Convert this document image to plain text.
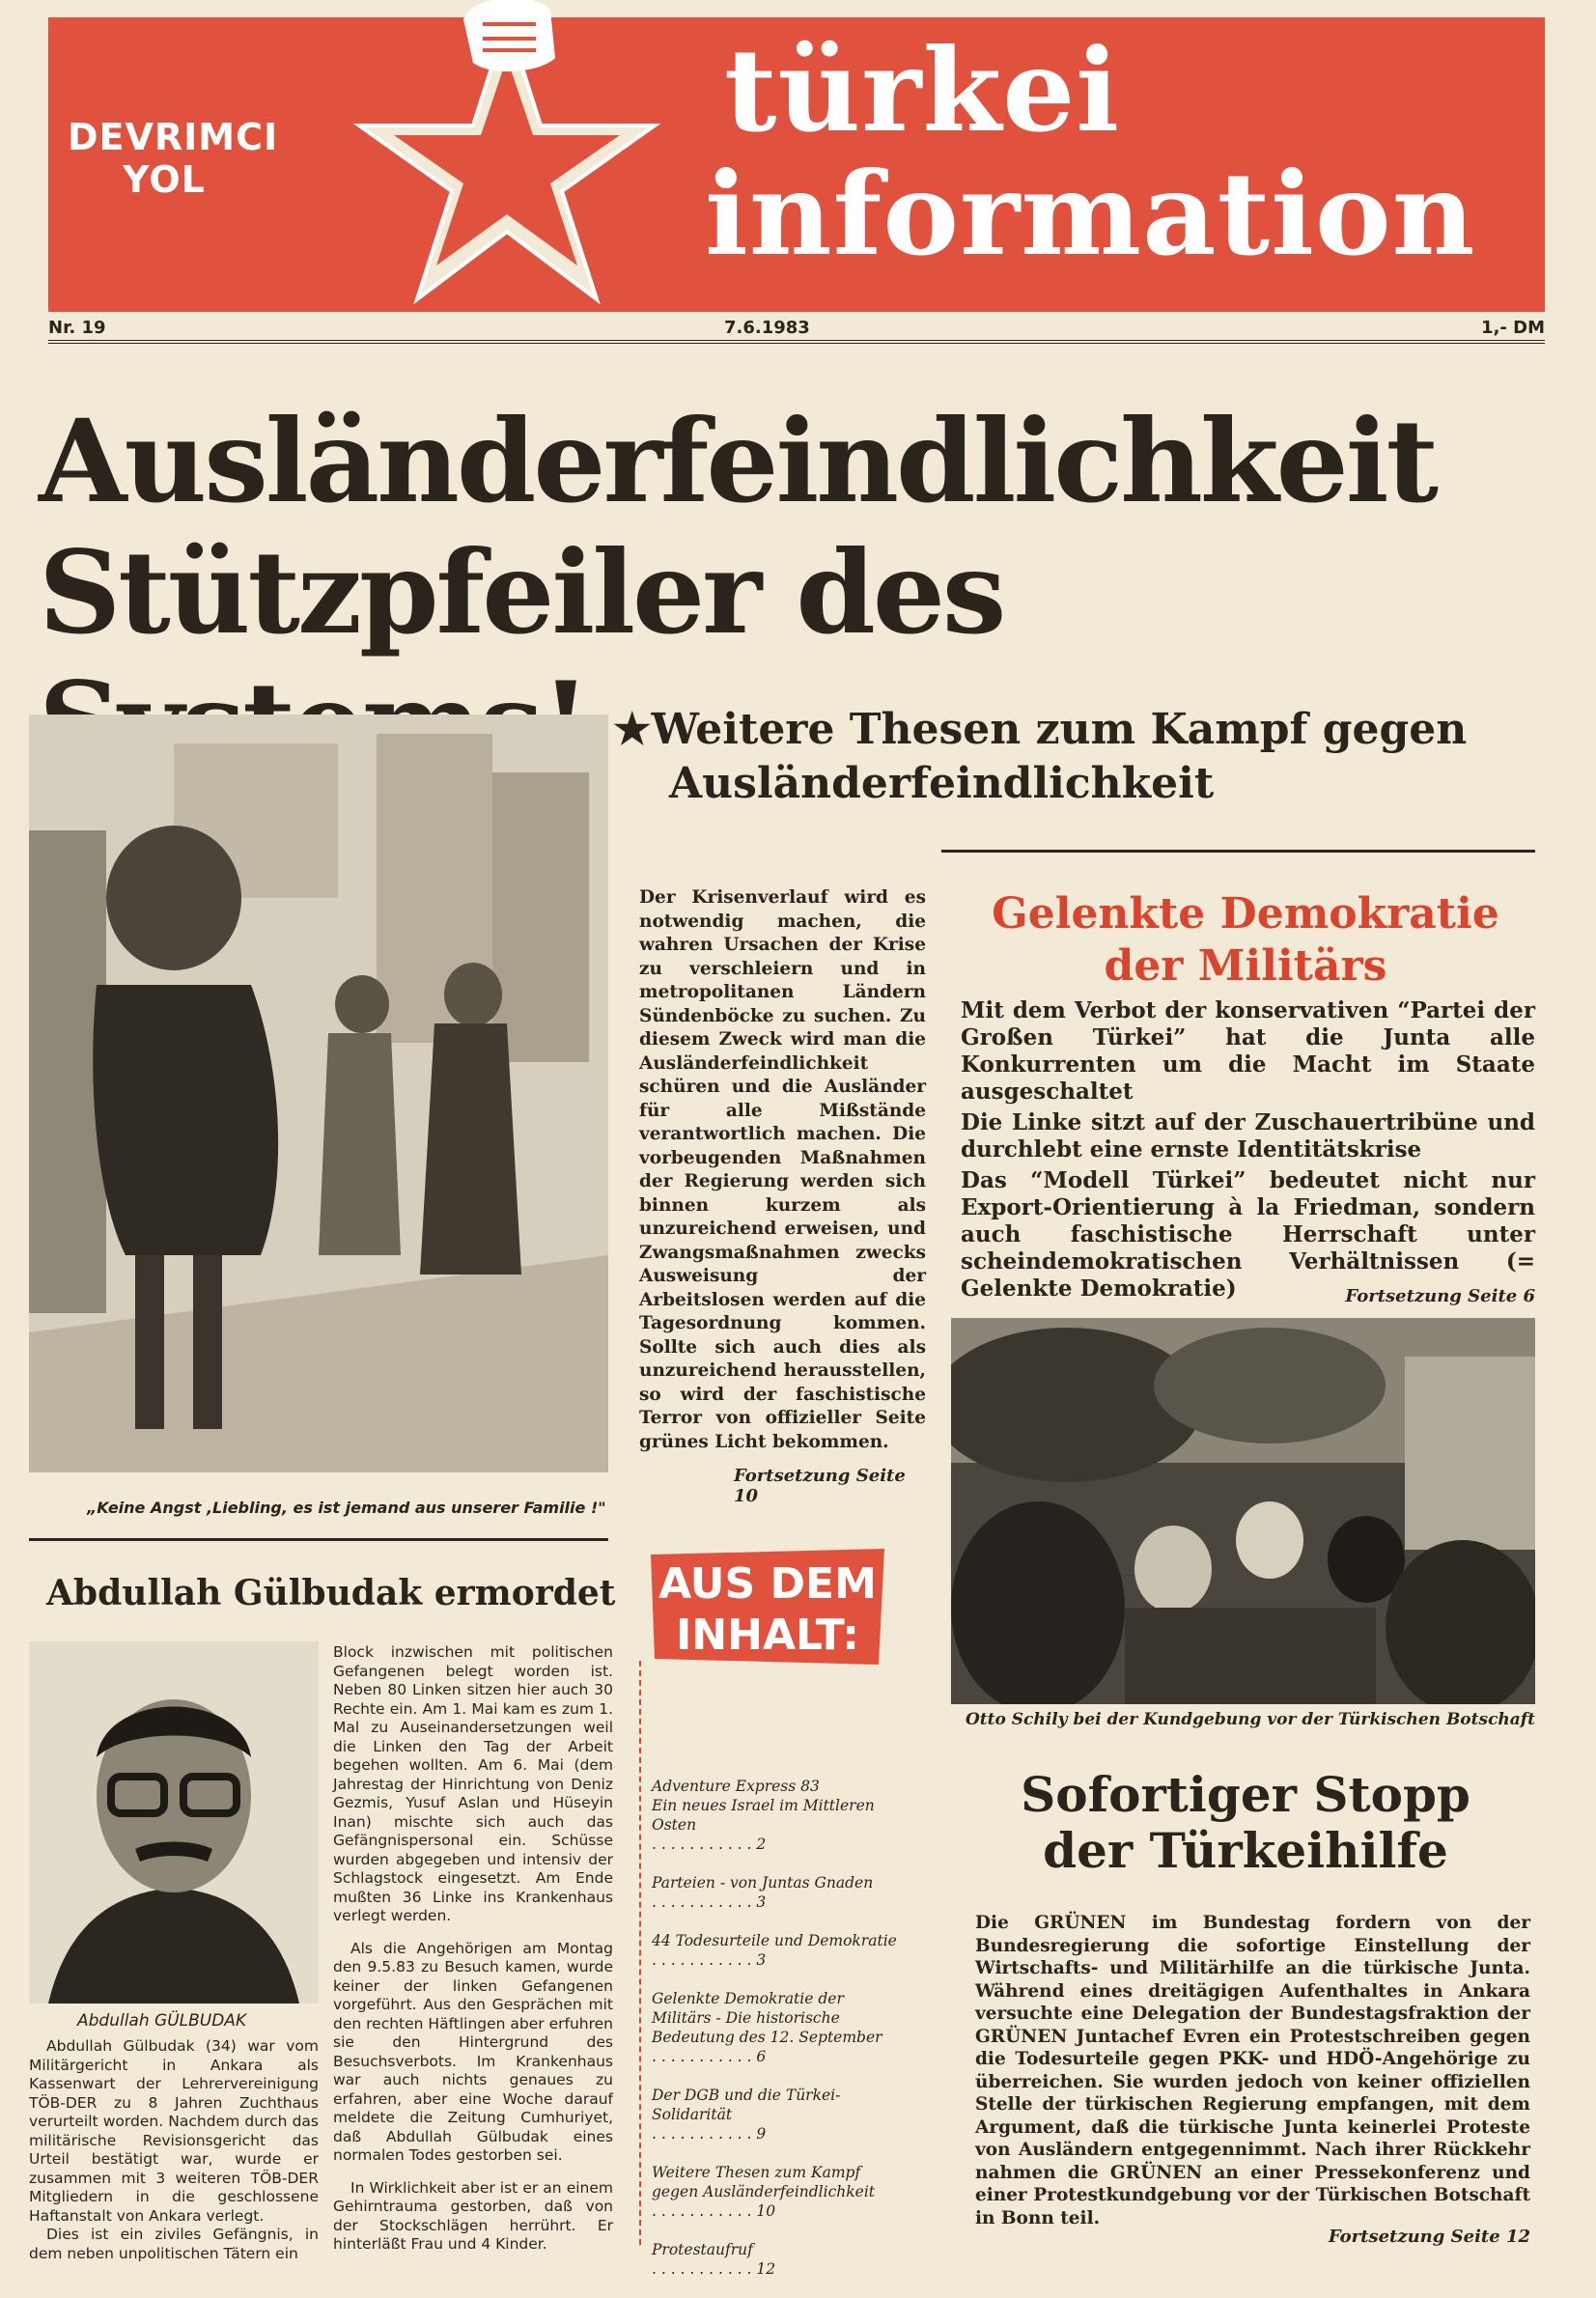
DEVRIMCI
YOL
türkei
information
Nr. 19	7.6.1983	1,- DM
Ausländerfeindlichkeit
Stützpfeiler des
„Keine Angst ,Liebling, es ist jemand aus unserer Familie !"
★Weitere Thesen zum Kampf gegen
Ausländerfeindlichkeit
Der Krisenverlauf wird es notwendig machen, die wahren Ursachen der Krise zu verschleiern und in metropolitanen Ländern Sündenböcke zu suchen. Zu diesem Zweck wird man die Ausländerfeindlichkeit schüren und die Ausländer für alle Mißstände verantwortlich machen. Die vorbeugenden Maßnahmen der Regierung werden sich binnen kurzem als unzureichend erweisen, und Zwangsmaßnahmen zwecks Ausweisung der Arbeitslosen werden auf die Tagesordnung kommen. Sollte sich auch dies als unzureichend herausstellen, so wird der faschistische Terror von offizieller Seite grünes Licht bekommen.
Fortsetzung Seite 10
Gelenkte Demokratie
der Militärs

Mit dem Verbot der konservativen “Partei der Großen Türkei” hat die Junta alle Konkurrenten um die Macht im Staate ausgeschaltet

Die Linke sitzt auf der Zuschauertribüne und durchlebt eine ernste Identitätskrise

Das “Modell Türkei” bedeutet nicht nur Export-Orientierung à la Friedman, sondern auch faschistische Herrschaft unter scheindemokratischen Verhältnissen (= Gelenkte Demokratie)	Fortsetzung Seite 6
Otto Schily bei der Kundgebung vor der Türkischen Botschaft
Sofortiger Stopp
der Türkeihilfe
Die GRÜNEN im Bundestag fordern von der Bundesregierung die sofortige Einstellung der Wirtschafts- und Militärhilfe an die türkische Junta. Während eines dreitägigen Aufenthaltes in Ankara versuchte eine Delegation der Bundestagsfraktion der GRÜNEN Juntachef Evren ein Protestschreiben gegen die Todesurteile gegen PKK- und HDÖ-Angehörige zu überreichen. Sie wurden jedoch von keiner offiziellen Stelle der türkischen Regierung empfangen, mit dem Argument, daß die türkische Junta keinerlei Proteste von Ausländern entgegennimmt. Nach ihrer Rückkehr nahmen die GRÜNEN an einer Pressekonferenz und einer Protestkundgebung vor der Türkischen Botschaft in Bonn teil.
Fortsetzung Seite 12
Abdullah Gülbudak ermordet
Abdullah GÜLBUDAK

Abdullah Gülbudak (34) war vom Militärgericht in Ankara als Kassenwart der Lehrervereinigung TÖB-DER zu 8 Jahren Zuchthaus verurteilt worden. Nachdem durch das militärische Revisionsgericht das Urteil bestätigt war, wurde er zusammen mit 3 weiteren TÖB-DER Mitgliedern in die geschlossene Haftanstalt von Ankara verlegt.

Dies ist ein ziviles Gefängnis, in dem neben unpolitischen Tätern ein

Block inzwischen mit politischen Gefangenen belegt worden ist. Neben 80 Linken sitzen hier auch 30 Rechte ein. Am 1. Mai kam es zum 1. Mal zu Auseinandersetzungen weil die Linken den Tag der Arbeit begehen wollten. Am 6. Mai (dem Jahrestag der Hinrichtung von Deniz Gezmis, Yusuf Aslan und Hüseyin Inan) mischte sich auch das Gefängnispersonal ein. Schüsse wurden abgegeben und intensiv der Schlagstock eingesetzt. Am Ende mußten 36 Linke ins Krankenhaus verlegt werden.

Als die Angehörigen am Montag den 9.5.83 zu Besuch kamen, wurde keiner der linken Gefangenen vorgeführt. Aus den Gesprächen mit den rechten Häftlingen aber erfuhren sie den Hintergrund des Besuchsverbots. Im Krankenhaus war auch nichts genaues zu erfahren, aber eine Woche darauf meldete die Zeitung Cumhuriyet, daß Abdullah Gülbudak eines normalen Todes gestorben sei.

In Wirklichkeit aber ist er an einem Gehirntrauma gestorben, daß von der Stockschlägen herrührt. Er hinterläßt Frau und 4 Kinder.

AUS DEM
INHALT:
Adventure Express 83
Ein neues Israel im Mittleren Osten
. . . . . . . . . . . 2
Parteien - von Juntas Gnaden
. . . . . . . . . . . 3
44 Todesurteile und Demokratie
. . . . . . . . . . . 3
Gelenkte Demokratie der Militärs - Die historische Bedeutung des 12. September
. . . . . . . . . . . 6
Der DGB und die Türkei-Solidarität
. . . . . . . . . . . 9
Weitere Thesen zum Kampf gegen Ausländerfeindlichkeit
. . . . . . . . . . . 10
Protestaufruf
. . . . . . . . . . . 12
